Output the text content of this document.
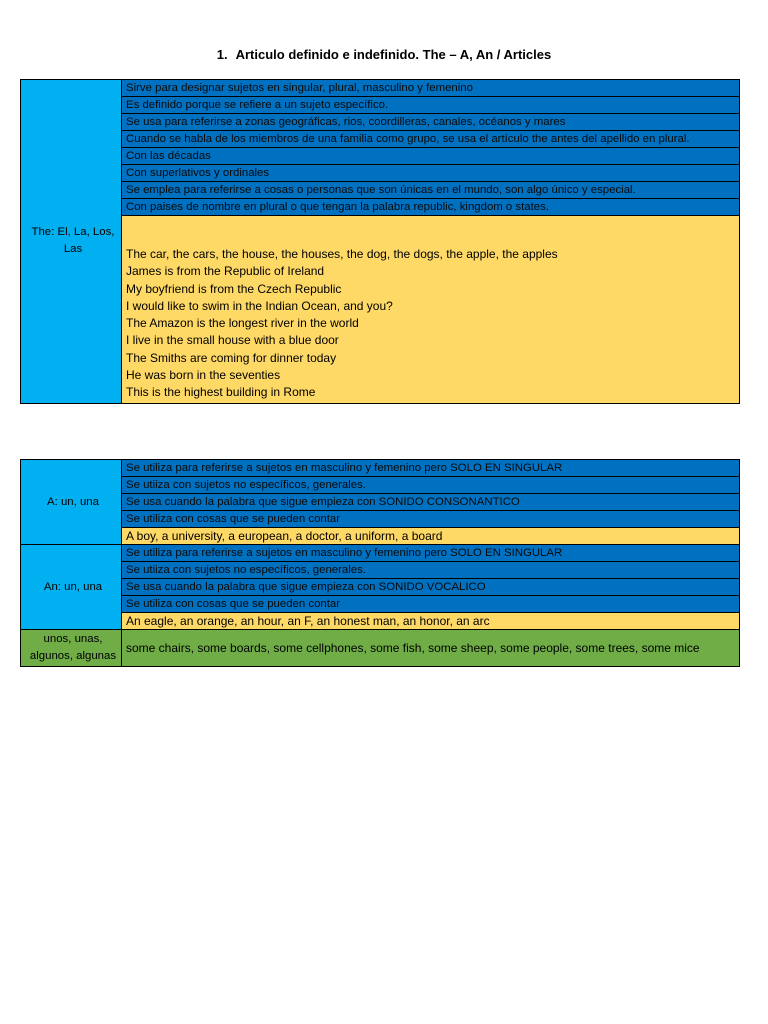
1. Articulo definido e indefinido. The – A, An / Articles
The: El, La, Los, Las	Sirve para designar sujetos en singular, plural, masculino y femenino
Es definido porque se refiere a un sujeto específico.
Se usa para referirse a zonas geográficas, rios, coordilleras, canales, océanos y mares
Cuando se habla de los miembros de una familia como grupo, se usa el artículo the antes del apellido en plural.
Con las décadas
Con superlativos y ordinales
Se emplea para referirse a cosas o personas que son únicas en el mundo, son algo único y especial.
Con paises de nombre en plural o que tengan la palabra republic, kingdom o states.

The car, the cars, the house, the houses, the dog, the dogs, the apple, the apples
James is from the Republic of Ireland
My boyfriend is from the Czech Republic
I would like to swim in the Indian Ocean, and you?
The Amazon is the longest river in the world
I live in the small house with a blue door
The Smiths are coming for dinner today
He was born in the seventies
This is the highest building in Rome
A: un, una	Se utiliza para referirse a sujetos en masculino y femenino pero SOLO EN SINGULAR
	Se utiiza con sujetos no específicos, generales.
	Se usa cuando la palabra que sigue empieza con SONIDO CONSONANTICO
	Se utiliza con cosas que se pueden contar
	A boy, a university, a european, a doctor, a uniform, a board
An: un, una	Se utiliza para referirse a sujetos en masculino y femenino pero SOLO EN SINGULAR
	Se utiiza con sujetos no específicos, generales.
	Se usa cuando la palabra que sigue empieza con SONIDO VOCALICO
	Se utiliza con cosas que se pueden contar
	An eagle, an orange, an hour, an F, an honest man, an honor, an arc
unos, unas, algunos, algunas	some chairs, some boards, some cellphones, some fish, some sheep, some people, some trees, some mice
